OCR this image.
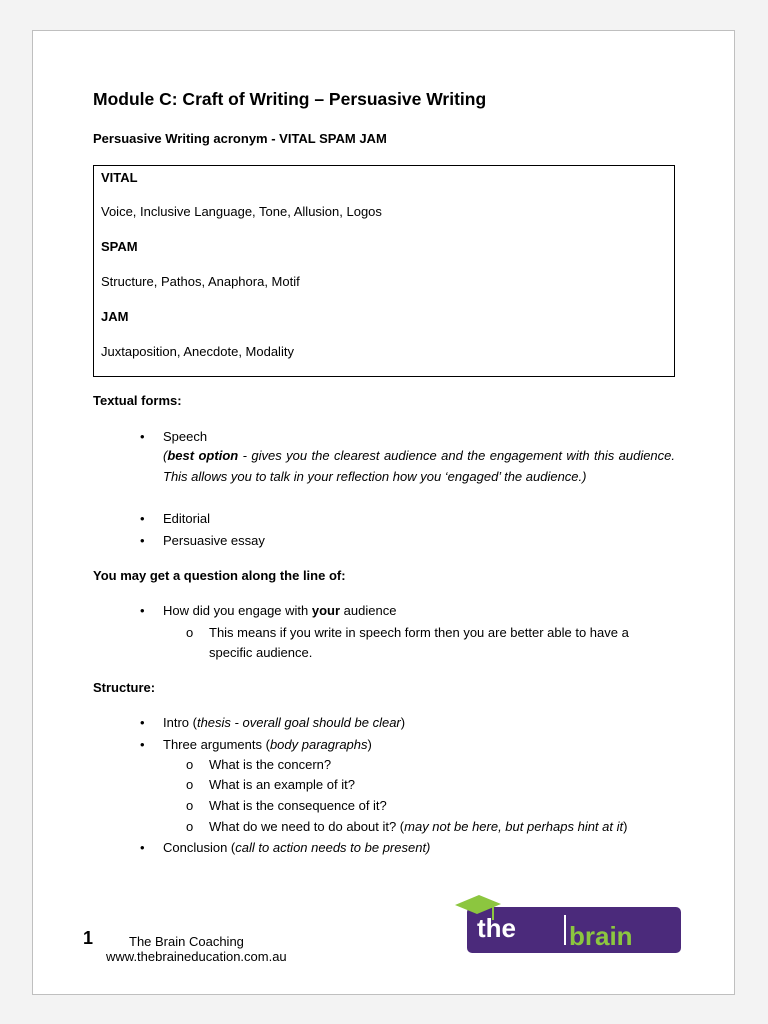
Module C: Craft of Writing – Persuasive Writing
Persuasive Writing acronym - VITAL SPAM JAM
VITAL
Voice, Inclusive Language, Tone, Allusion, Logos
SPAM
Structure, Pathos, Anaphora, Motif
JAM
Juxtaposition, Anecdote, Modality
Textual forms:
• Speech
(best option - gives you the clearest audience and the engagement with this audience. This allows you to talk in your reflection how you ‘engaged’ the audience.)
• Editorial
• Persuasive essay
You may get a question along the line of:
• How did you engage with your audience
o This means if you write in speech form then you are better able to have a
specific audience.
Structure:
• Intro (thesis - overall goal should be clear)
• Three arguments (body paragraphs)
o What is the concern?
o What is an example of it?
o What is the consequence of it?
o What do we need to do about it? (may not be here, but perhaps hint at it)
• Conclusion (call to action needs to be present)
1	The Brain Coaching
www.thebraineducation.com.au
the brain
